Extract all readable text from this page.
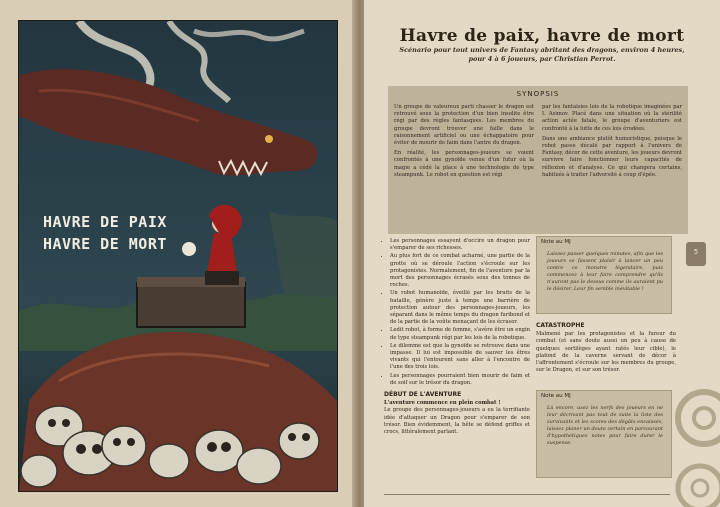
HAVRE DE PAIX
HAVRE DE MORT
Havre de paix, havre de mort
Scénario pour tout univers de Fantasy abritant des dragons, environ 4 heures, pour 4 à 6 joueurs, par Christian Perrot.
SYNOPSIS

Un groupe de valeureux parti chasser le dragon est retrouvé sous la protection d'un bien insolite être régi par des règles fantasques. Les membres du groupe devront trouver une faille dans le raisonnement artificiel ou une échappatoire pour éviter de mourir de faim dans l'antre du dragon.

En réalité, les personnages-joueurs se voient confrontés à une gynoïde venue d'un futur où la magie a cédé la place à une technologie de type steampunk. Le robot en question est régi

par les fantaisies lois de la robotique imaginées par I. Asimov. Placé dans une situation où la stérilité action actée fatale, le groupe d'aventuriers est confronté à la lutte de ces lois érodées.

Dans une ambiance plutôt humoristique, puisque le robot passe décalé par rapport à l'univers de Fantasy, décor de cette aventure, les joueurs devront survivre faire fonctionner leurs capacités de réflexion et d'analyse. Ce qui changera certains, habitués à traiter l'adversité à coup d'épée.

• Les personnages essayent d'occire un dragon pour s'emparer de ses richesses.
• Au plus fort de ce combat acharné, une partie de la grotte où se déroule l'action s'écroule sur les protagonistes. Normalement, fin de l'aventure par la mort des personnages écrasés sous des tonnes de roches.
• Un robot humanoïde, éveillé par les bruits de la bataille, génère juste à temps une barrière de protection autour des personnages-joueurs, les séparant dans le même temps du dragon furibond et de la partie de la voûte menaçant de les écraser.
• Ledit robot, à forme de femme, s'avère être un engin de type steampunk régi par les lois de la robotique.
• Le dilemme est que la gynoïde se retrouve dans une impasse. Il lui est impossible de sauver les êtres vivants qui l'entourent sans aller à l'encontre de l'une des trois lois.
• Les personnages pourraient bien mourir de faim et de soif sur le trésor du dragon.
DÉBUT DE L'AVENTURE
L'aventure commence en plein combat !
Le groupe des personnages-joueurs a eu la terrifiante idée d'attaquer un Dragon pour s'emparer de son trésor. Bien évidemment, la bête se défend griffes et crocs, littéralement parlant.
Note au MJ
Laissez passer quelques minutes, afin que les joueurs se fassent plaisir à lancer un peu contre ce monstre légendaire, puis commencez à leur faire comprendre qu'ils n'auront pas le dessus comme ils auraient pu le désirer. Leur fin semble inévitable !
CATASTROPHE
Malmené par les protagonistes et la fureur du combat (et sans doute aussi un peu à cause de quelques sortilèges ayant ratés leur cible), le plafond de la caverne servant de décor à l'affrontement s'écroule sur les membres du groupe, sur le Dragon, et sur son trésor.
Note au MJ
Là encore, usez les nerfs des joueurs en ne leur décrivant pas tout de suite la liste des survivants et les scores des dégâts encaissés, laissez planer un doute certain en parcourant d'hypothétiques notes pour faire durer le suspense.
5
